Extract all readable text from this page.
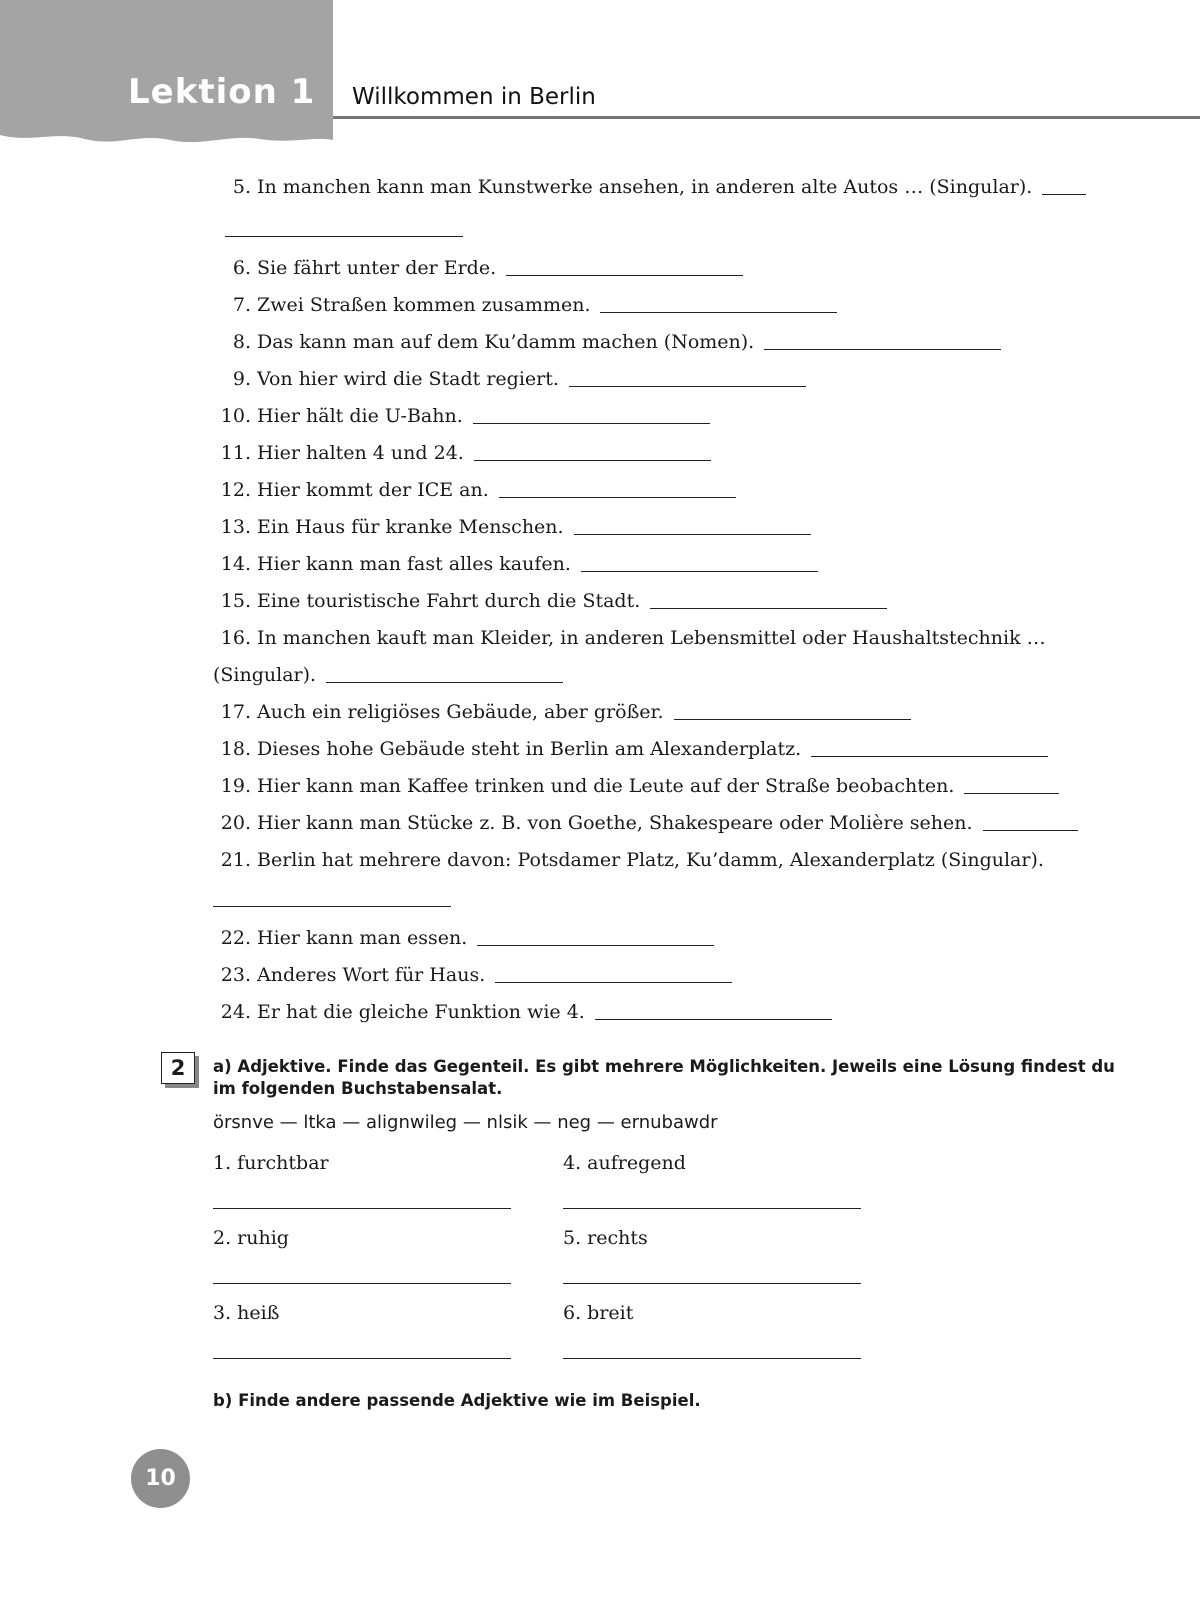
Lektion 1 Willkommen in Berlin
5. In manchen kann man Kunstwerke ansehen, in anderen alte Autos … (Singular).
6. Sie fährt unter der Erde.
7. Zwei Straßen kommen zusammen.
8. Das kann man auf dem Ku’damm machen (Nomen).
9. Von hier wird die Stadt regiert.
10. Hier hält die U-Bahn.
11. Hier halten 4 und 24.
12. Hier kommt der ICE an.
13. Ein Haus für kranke Menschen.
14. Hier kann man fast alles kaufen.
15. Eine touristische Fahrt durch die Stadt.
16. In manchen kauft man Kleider, in anderen Lebensmittel oder Haushaltstechnik …
(Singular).
17. Auch ein religiöses Gebäude, aber größer.
18. Dieses hohe Gebäude steht in Berlin am Alexanderplatz.
19. Hier kann man Kaffee trinken und die Leute auf der Straße beobachten.
20. Hier kann man Stücke z. B. von Goethe, Shakespeare oder Molière sehen.
21. Berlin hat mehrere davon: Potsdamer Platz, Ku’damm, Alexanderplatz (Singular).
22. Hier kann man essen.
23. Anderes Wort für Haus.
24. Er hat die gleiche Funktion wie 4.
2	a) Adjektive. Finde das Gegenteil. Es gibt mehrere Möglichkeiten. Jeweils eine Lösung findest du im folgenden Buchstabensalat.
örsnve — ltka — alignwileg — nlsik — neg — ernubawdr
1. furchtbar	4. aufregend
2. ruhig	5. rechts
3. heiß	6. breit
b) Finde andere passende Adjektive wie im Beispiel.
10
